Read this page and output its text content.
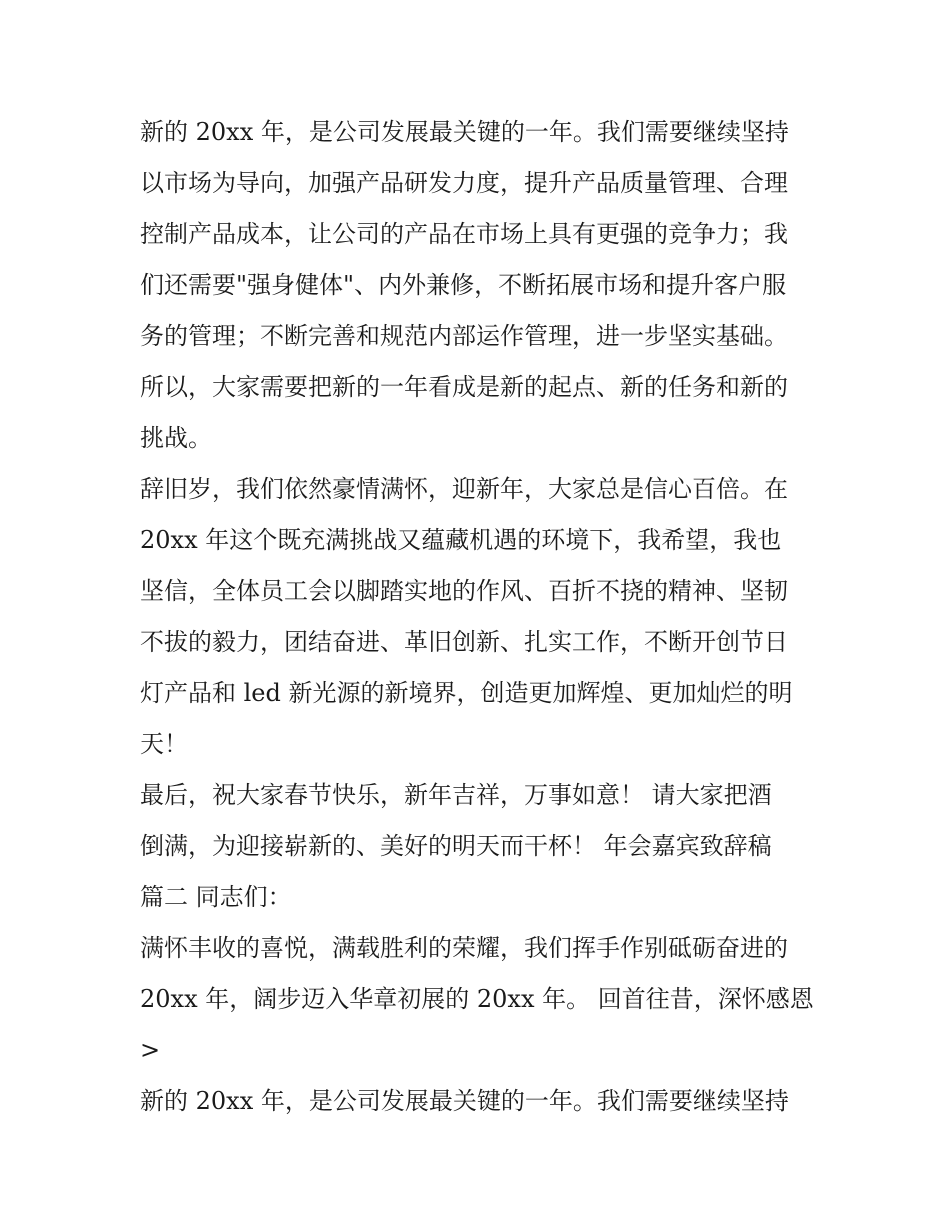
新的 20xx 年，是公司发展最关键的一年。我们需要继续坚持
以市场为导向，加强产品研发力度，提升产品质量管理、合理
控制产品成本，让公司的产品在市场上具有更强的竞争力；我
们还需要"强身健体"、内外兼修，不断拓展市场和提升客户服
务的管理；不断完善和规范内部运作管理，进一步坚实基础。
所以，大家需要把新的一年看成是新的起点、新的任务和新的
挑战。
辞旧岁，我们依然豪情满怀，迎新年，大家总是信心百倍。在
20xx 年这个既充满挑战又蕴藏机遇的环境下，我希望，我也
坚信，全体员工会以脚踏实地的作风、百折不挠的精神、坚韧
不拔的毅力，团结奋进、革旧创新、扎实工作，不断开创节日
灯产品和 led 新光源的新境界，创造更加辉煌、更加灿烂的明
天！
最后，祝大家春节快乐，新年吉祥，万事如意！ 请大家把酒
倒满，为迎接崭新的、美好的明天而干杯！ 年会嘉宾致辞稿
篇二 同志们：
满怀丰收的喜悦，满载胜利的荣耀，我们挥手作别砥砺奋进的
20xx 年，阔步迈入华章初展的 20xx 年。 回首往昔，深怀感恩
>
新的 20xx 年，是公司发展最关键的一年。我们需要继续坚持
